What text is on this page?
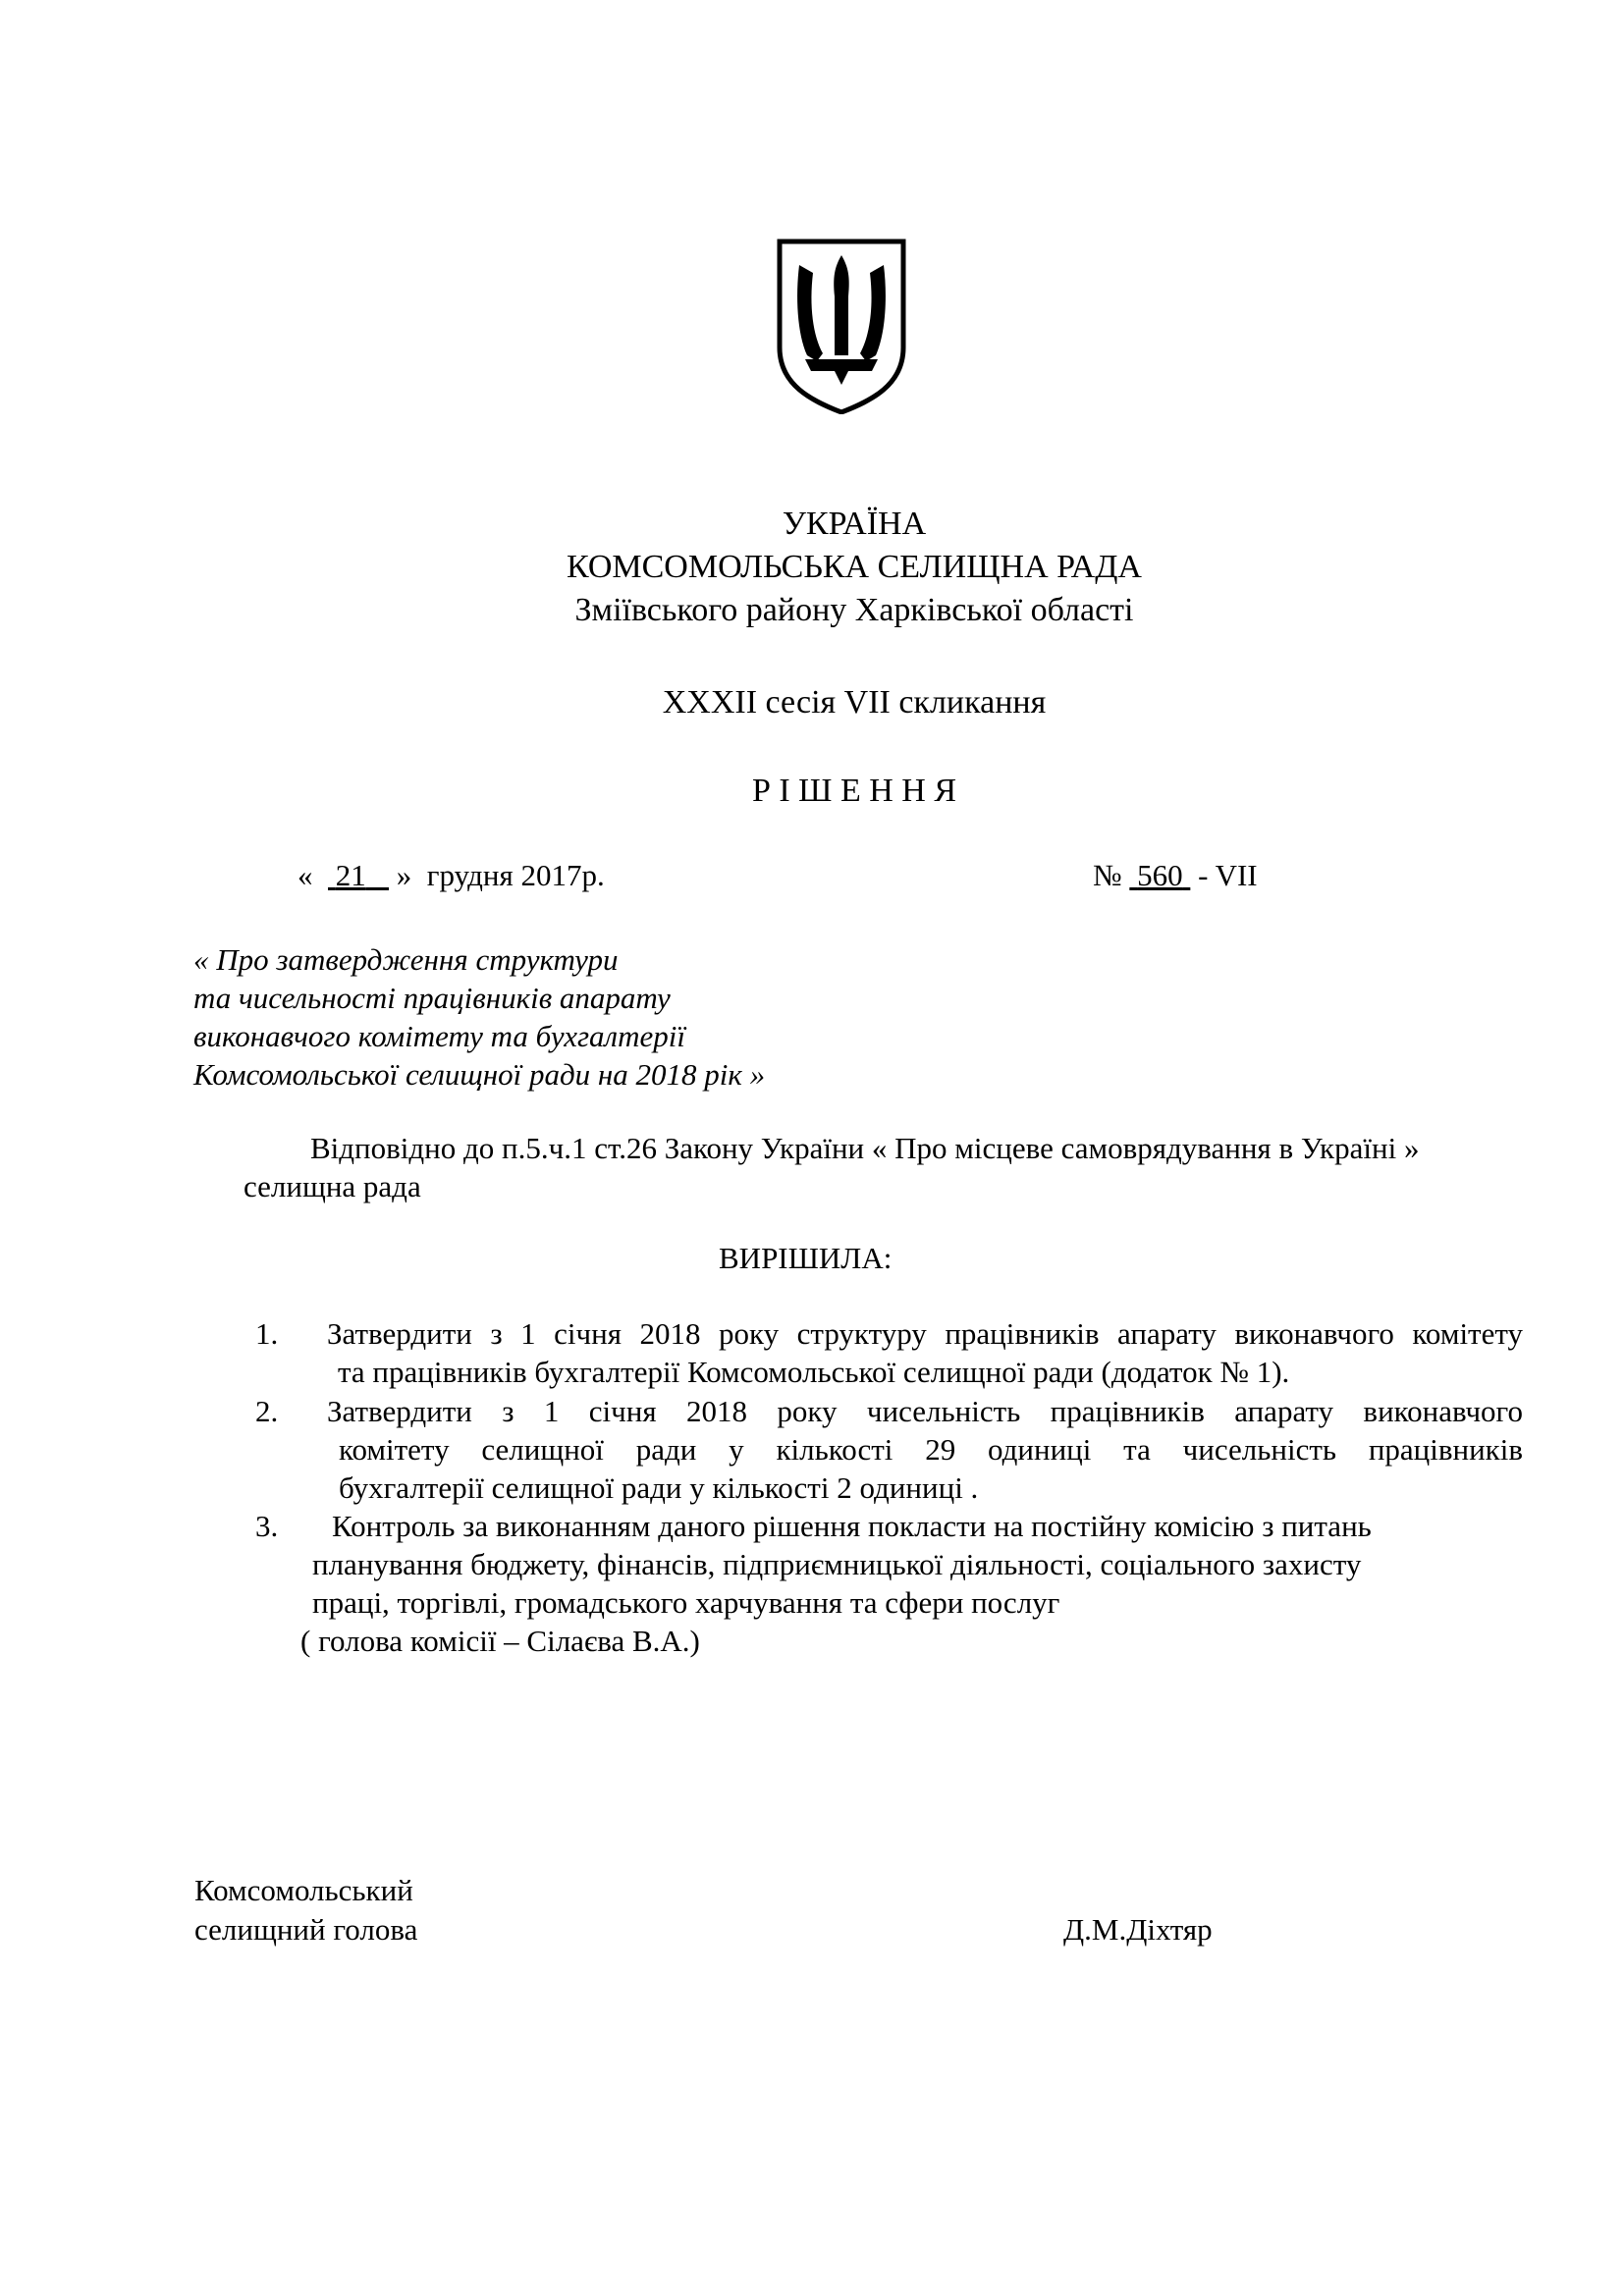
УКРАЇНА
КОМСОМОЛЬСЬКА СЕЛИЩНА РАДА
Зміївського району Харківської області
XXXII сесія VII скликання
Р І Ш Е Н Н Я
« 21 » грудня 2017р.	№ 560 - VII
« Про затвердження структури
та чисельності працівників апарату
виконавчого комітету та бухгалтерії
Комсомольської селищної ради на 2018 рік »
Відповідно до п.5.ч.1 ст.26 Закону України « Про місцеве самоврядування в Україні »
селищна рада
ВИРІШИЛА:
1. Затвердити з 1 січня 2018 року структуру працівників апарату виконавчого комітету
та працівників бухгалтерії Комсомольської селищної ради (додаток № 1).
2. Затвердити з 1 січня 2018 року чисельність працівників апарату виконавчого
комітету селищної ради у кількості 29 одиниці та чисельність працівників
бухгалтерії селищної ради у кількості 2 одиниці .
3. Контроль за виконанням даного рішення покласти на постійну комісію з питань
планування бюджету, фінансів, підприємницької діяльності, соціального захисту
праці, торгівлі, громадського харчування та сфери послуг
( голова комісії – Сілаєва В.А.)
Комсомольський
селищний голова	Д.М.Діхтяр
